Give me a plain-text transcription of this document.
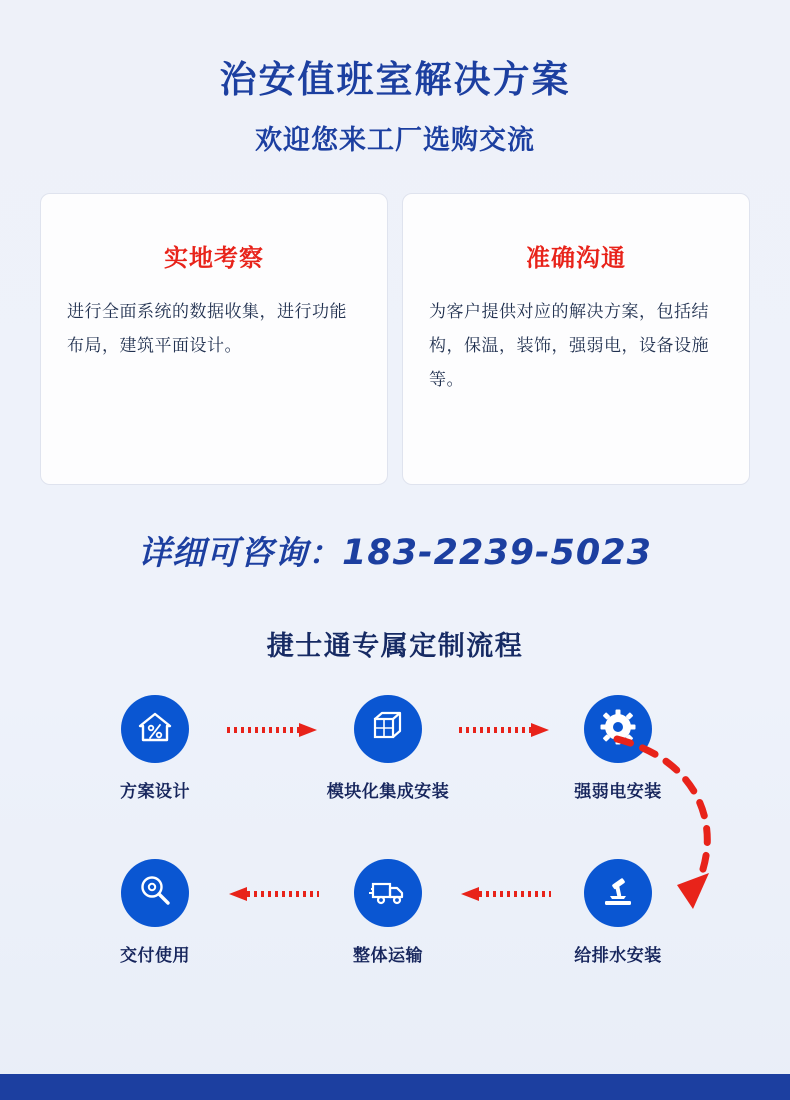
治安值班室解决方案
欢迎您来工厂选购交流
实地考察
进行全面系统的数据收集，进行功能布局，建筑平面设计。
准确沟通
为客户提供对应的解决方案，包括结构，保温，装饰，强弱电，设备设施等。
详细可咨询：183-2239-5023
捷士通专属定制流程
方案设计	模块化集成安装	强弱电安装
给排水安装
整体运输
交付使用
